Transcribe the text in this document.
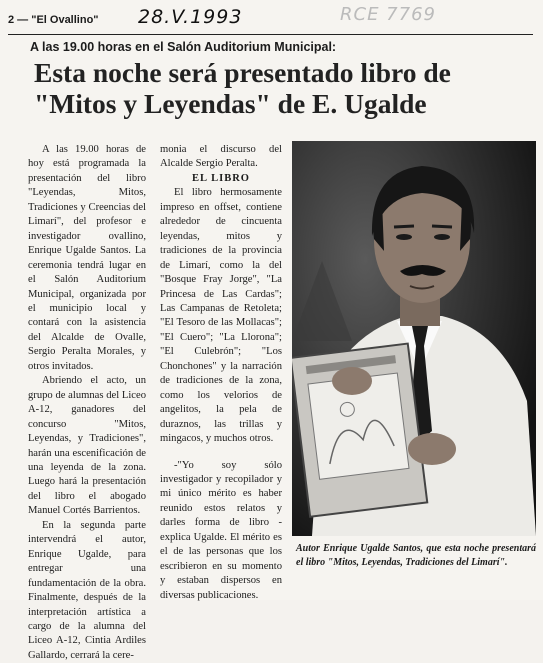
2 — "El Ovallino" 28.V.1993	RCE 7769
A las 19.00 horas en el Salón Auditorium Municipal:
Esta noche será presentado libro de "Mitos y Leyendas" de E. Ugalde

A las 19.00 horas de hoy está programada la presentación del libro "Leyendas, Mitos, Tradiciones y Creencias del Limarí", del profesor e investigador ovallino, Enrique Ugalde Santos. La ceremonia tendrá lugar en el Salón Auditorium Municipal, organizada por el municipio local y contará con la asistencia del Alcalde de Ovalle, Sergio Peralta Morales, y otros invitados.

Abriendo el acto, un grupo de alumnas del Liceo A-12, ganadores del concurso "Mitos, Leyendas, y Tradiciones", harán una escenificación de una leyenda de la zona. Luego hará la presentación del libro el abogado Manuel Cortés Barrientos.

En la segunda parte intervendrá el autor, Enrique Ugalde, para entregar una fundamentación de la obra. Finalmente, después de la interpretación artística a cargo de la alumna del Liceo A-12, Cintia Ardiles Gallardo, cerrará la cere-

monia el discurso del Alcalde Sergio Peralta.

EL LIBRO

El libro hermosamente impreso en offset, contiene alrededor de cincuenta leyendas, mitos y tradiciones de la provincia de Limarí, como la del "Bosque Fray Jorge", "La Princesa de Las Cardas"; Las Campanas de Retoleta; "El Tesoro de las Mollacas"; "El Cuero"; "La Llorona"; "El Culebrón"; "Los Chonchones" y la narración de tradiciones de la zona, como los velorios de angelitos, la pela de duraznos, las trillas y mingacos, y muchos otros.

-"Yo soy sólo investigador y recopilador y mi único mérito es haber reunido estos relatos y darles forma de libro -explica Ugalde. El mérito es el de las personas que los escribieron en su momento y estaban dispersos en diversas publicaciones.

Autor Enrique Ugalde Santos, que esta noche presentará el libro "Mitos, Leyendas, Tradiciones del Limarí".
